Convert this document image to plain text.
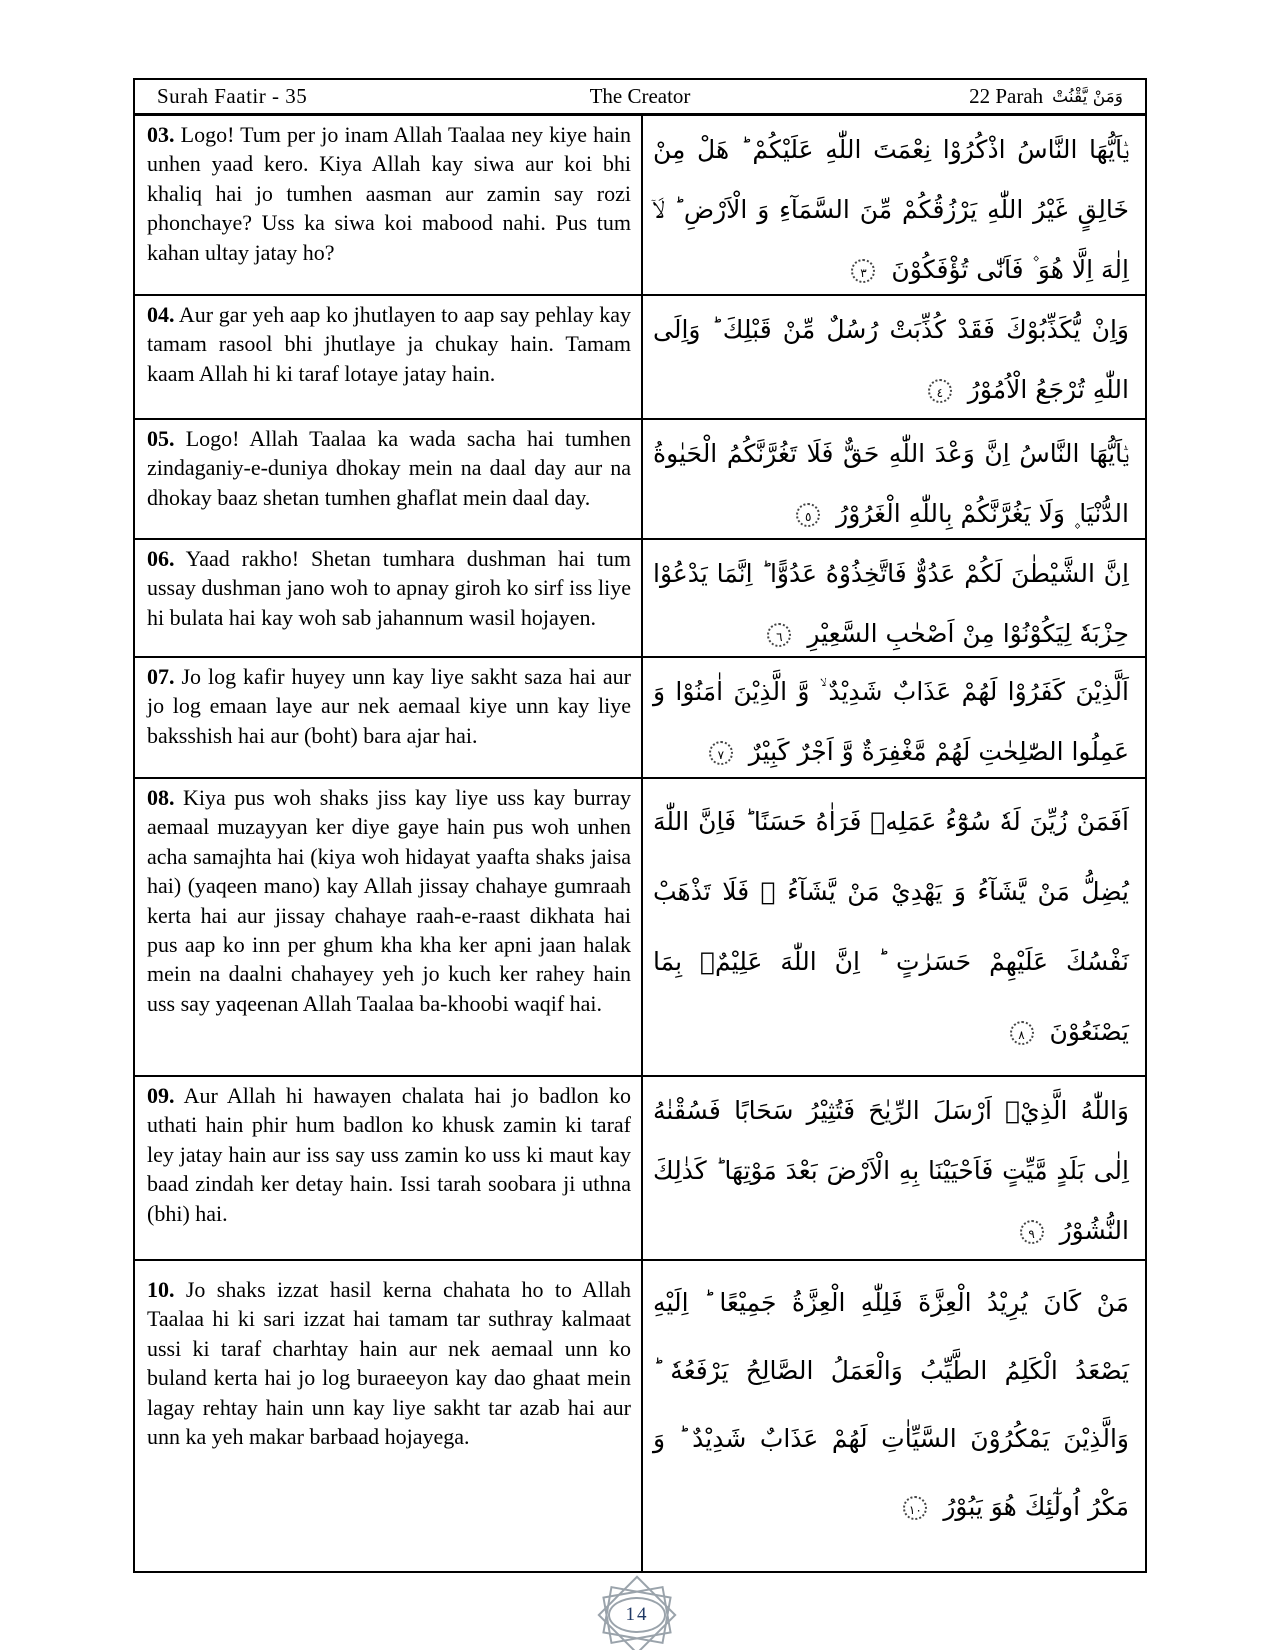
Surah Faatir - 35	The Creator	22 Parah وَمَنْ يَّقْنُتْ
03. Logo! Tum per jo inam Allah Taalaa ney kiye hain unhen yaad kero. Kiya Allah kay siwa aur koi bhi khaliq hai jo tumhen aasman aur zamin say rozi phonchaye? Uss ka siwa koi mabood nahi. Pus tum kahan ultay jatay ho?
يٰۤاَيُّهَا النَّاسُ اذْكُرُوْا نِعْمَتَ اللّٰهِ عَلَيْكُمْ ؕ هَلْ مِنْ خَالِقٍ غَيْرُ اللّٰهِ يَرْزُقُكُمْ مِّنَ السَّمَآءِ وَ الْاَرْضِ ؕ لَاۤ اِلٰهَ اِلَّا هُوَ ۫ فَاَنّٰى تُؤْفَكُوْنَ ٣
04. Aur gar yeh aap ko jhutlayen to aap say pehlay kay tamam rasool bhi jhutlaye ja chukay hain. Tamam kaam Allah hi ki taraf lotaye jatay hain.
وَاِنْ يُّكَذِّبُوْكَ فَقَدْ كُذِّبَتْ رُسُلٌ مِّنْ قَبْلِكَ ؕ وَاِلَى اللّٰهِ تُرْجَعُ الْاُمُوْرُ ٤
05. Logo! Allah Taalaa ka wada sacha hai tumhen zindaganiy-e-duniya dhokay mein na daal day aur na dhokay baaz shetan tumhen ghaflat mein daal day.
يٰۤاَيُّهَا النَّاسُ اِنَّ وَعْدَ اللّٰهِ حَقٌّ فَلَا تَغُرَّنَّكُمُ الْحَيٰوةُ الدُّنْيَا ۪ وَلَا يَغُرَّنَّكُمْ بِاللّٰهِ الْغَرُوْرُ ٥
06. Yaad rakho! Shetan tumhara dushman hai tum ussay dushman jano woh to apnay giroh ko sirf iss liye hi bulata hai kay woh sab jahannum wasil hojayen.
اِنَّ الشَّيْطٰنَ لَكُمْ عَدُوٌّ فَاتَّخِذُوْهُ عَدُوًّا ؕ اِنَّمَا يَدْعُوْا حِزْبَهٗ لِيَكُوْنُوْا مِنْ اَصْحٰبِ السَّعِيْرِ ٦
07. Jo log kafir huyey unn kay liye sakht saza hai aur jo log emaan laye aur nek aemaal kiye unn kay liye baksshish hai aur (boht) bara ajar hai.
اَلَّذِيْنَ كَفَرُوْا لَهُمْ عَذَابٌ شَدِيْدٌ ۙ وَّ الَّذِيْنَ اٰمَنُوْا وَ عَمِلُوا الصّٰلِحٰتِ لَهُمْ مَّغْفِرَةٌ وَّ اَجْرٌ كَبِيْرٌ ٧
08. Kiya pus woh shaks jiss kay liye uss kay burray aemaal muzayyan ker diye gaye hain pus woh unhen acha samajhta hai (kiya woh hidayat yaafta shaks jaisa hai) (yaqeen mano) kay Allah jissay chahaye gumraah kerta hai aur jissay chahaye raah-e-raast dikhata hai pus aap ko inn per ghum kha kha ker apni jaan halak mein na daalni chahayey yeh jo kuch ker rahey hain uss say yaqeenan Allah Taalaa ba-khoobi waqif hai.
اَفَمَنْ زُيِّنَ لَهٗ سُوْٓءُ عَمَلِهٖ فَرَاٰهُ حَسَنًا ؕ فَاِنَّ اللّٰهَ يُضِلُّ مَنْ يَّشَآءُ وَ يَهْدِيْ مَنْ يَّشَآءُ ۖ فَلَا تَذْهَبْ نَفْسُكَ عَلَيْهِمْ حَسَرٰتٍ ؕ اِنَّ اللّٰهَ عَلِيْمٌۢ بِمَا يَصْنَعُوْنَ ٨
09. Aur Allah hi hawayen chalata hai jo badlon ko uthati hain phir hum badlon ko khusk zamin ki taraf ley jatay hain aur iss say uss zamin ko uss ki maut kay baad zindah ker detay hain. Issi tarah soobara ji uthna (bhi) hai.
وَاللّٰهُ الَّذِيْۤ اَرْسَلَ الرِّيٰحَ فَتُثِيْرُ سَحَابًا فَسُقْنٰهُ اِلٰى بَلَدٍ مَّيِّتٍ فَاَحْيَيْنَا بِهِ الْاَرْضَ بَعْدَ مَوْتِهَا ؕ كَذٰلِكَ النُّشُوْرُ ٩
10. Jo shaks izzat hasil kerna chahata ho to Allah Taalaa hi ki sari izzat hai tamam tar suthray kalmaat ussi ki taraf charhtay hain aur nek aemaal unn ko buland kerta hai jo log buraeeyon kay dao ghaat mein lagay rehtay hain unn kay liye sakht tar azab hai aur unn ka yeh makar barbaad hojayega.
مَنْ كَانَ يُرِيْدُ الْعِزَّةَ فَلِلّٰهِ الْعِزَّةُ جَمِيْعًا ؕ اِلَيْهِ يَصْعَدُ الْكَلِمُ الطَّيِّبُ وَالْعَمَلُ الصَّالِحُ يَرْفَعُهٗ ؕ وَالَّذِيْنَ يَمْكُرُوْنَ السَّيِّاٰتِ لَهُمْ عَذَابٌ شَدِيْدٌ ؕ وَ مَكْرُ اُولٰٓئِكَ هُوَ يَبُوْرُ ١٠
14
